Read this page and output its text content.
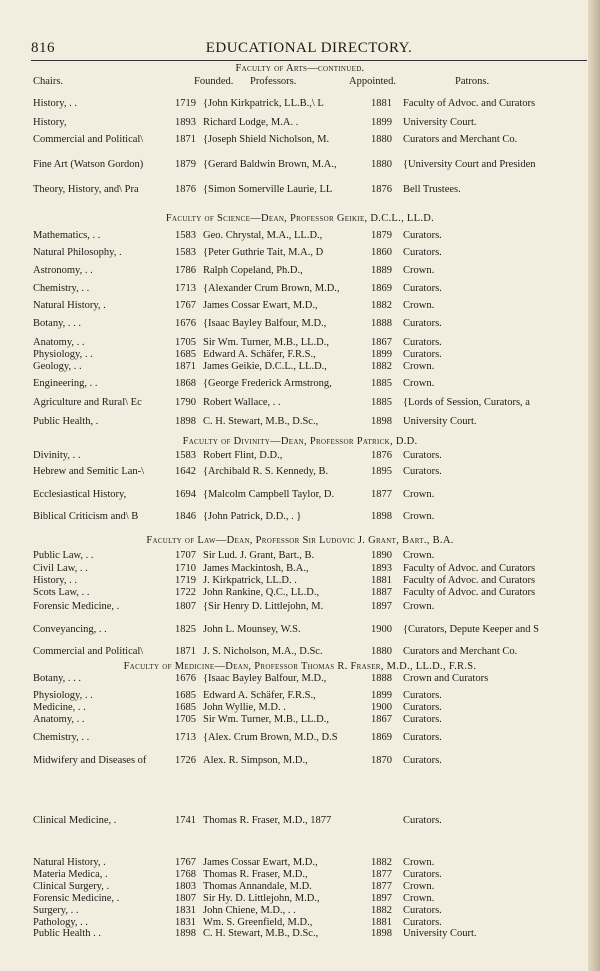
816	EDUCATIONAL DIRECTORY.
Faculty of Arts—continued.
Chairs.	Founded. Professors.	Appointed.	Patrons.
History, . .	1719 {John Kirkpatrick, LL.B.,\ L	1881 Faculty of Advoc. and Curators
History,	1893 Richard Lodge, M.A. .	1899 University Court.
Commercial and Political\	1871 {Joseph Shield Nicholson, M.	1880 Curators and Merchant Co.
Fine Art (Watson Gordon)	1879 {Gerard Baldwin Brown, M.A.,	1880 {University Court and Presiden
Theory, History, and\ Pra	1876 {Simon Somerville Laurie, LL	1876 Bell Trustees.
Faculty of Science—Dean, Professor Geikie, D.C.L., LL.D.
Mathematics, . .	1583 Geo. Chrystal, M.A., LL.D.,	1879 Curators.
Natural Philosophy, .	1583 {Peter Guthrie Tait, M.A., D	1860 Curators.
Astronomy, . .	1786 Ralph Copeland, Ph.D.,	1889 Crown.
Chemistry, . .	1713 {Alexander Crum Brown, M.D.,	1869 Curators.
Natural History, .	1767 James Cossar Ewart, M.D.,	1882 Crown.
Botany, . . .	1676 {Isaac Bayley Balfour, M.D.,	1888 Curators.
Anatomy, . .	1705 Sir Wm. Turner, M.B., LL.D.,	1867 Curators.
Physiology, . .	1685 Edward A. Schäfer, F.R.S.,	1899 Curators.
Geology, . .	1871 James Geikie, D.C.L., LL.D.,	1882 Crown.
Engineering, . .	1868 {George Frederick Armstrong,	1885 Crown.
Agriculture and Rural\ Ec	1790 Robert Wallace, . .	1885 {Lords of Session, Curators, a
Public Health, .	1898 C. H. Stewart, M.B., D.Sc.,	1898 University Court.
Faculty of Divinity—Dean, Professor Patrick, D.D.
Divinity, . .	1583 Robert Flint, D.D.,	1876 Curators.
Hebrew and Semitic Lan-\	1642 {Archibald R. S. Kennedy, B.	1895 Curators.
Ecclesiastical History,	1694 {Malcolm Campbell Taylor, D.	1877 Crown.
Biblical Criticism and\ B	1846 {John Patrick, D.D., . }	1898 Crown.
Faculty of Law—Dean, Professor Sir Ludovic J. Grant, Bart., B.A.
Public Law, . .	1707 Sir Lud. J. Grant, Bart., B.	1890 Crown.
Civil Law, . .	1710 James Mackintosh, B.A.,	1893 Faculty of Advoc. and Curators
History, . .	1719 J. Kirkpatrick, LL.D. .	1881 Faculty of Advoc. and Curators
Scots Law, . .	1722 John Rankine, Q.C., LL.D.,	1887 Faculty of Advoc. and Curators
Forensic Medicine, .	1807 {Sir Henry D. Littlejohn, M.	1897 Crown.
Conveyancing, . .	1825 John L. Mounsey, W.S.	1900 {Curators, Depute Keeper and S
Commercial and Political\	1871 J. S. Nicholson, M.A., D.Sc.	1880 Curators and Merchant Co.
Faculty of Medicine—Dean, Professor Thomas R. Fraser, M.D., LL.D., F.R.S.
Botany, . . .	1676 {Isaac Bayley Balfour, M.D.,	1888 Crown and Curators
Physiology, . .	1685 Edward A. Schäfer, F.R.S.,	1899 Curators.
Medicine, . .	1685 John Wyllie, M.D. .	1900 Curators.
Anatomy, . .	1705 Sir Wm. Turner, M.B., LL.D.,	1867 Curators.
Chemistry, . .	1713 {Alex. Crum Brown, M.D., D.S	1869 Curators.
Midwifery and Diseases of	1726 Alex. R. Simpson, M.D.,	1870 Curators.
Clinical Medicine, .	1741 Thomas R. Fraser, M.D., 1877	Curators.
Natural History, .	1767 James Cossar Ewart, M.D.,	1882 Crown.
Materia Medica, .	1768 Thomas R. Fraser, M.D.,	1877 Curators.
Clinical Surgery, .	1803 Thomas Annandale, M.D.	1877 Crown.
Forensic Medicine, .	1807 Sir Hy. D. Littlejohn, M.D.,	1897 Crown.
Surgery, . .	1831 John Chiene, M.D., . .	1882 Curators.
Pathology, . .	1831 Wm. S. Greenfield, M.D.,	1881 Curators.
Public Health . .	1898 C. H. Stewart, M.B., D.Sc.,	1898 University Court.
